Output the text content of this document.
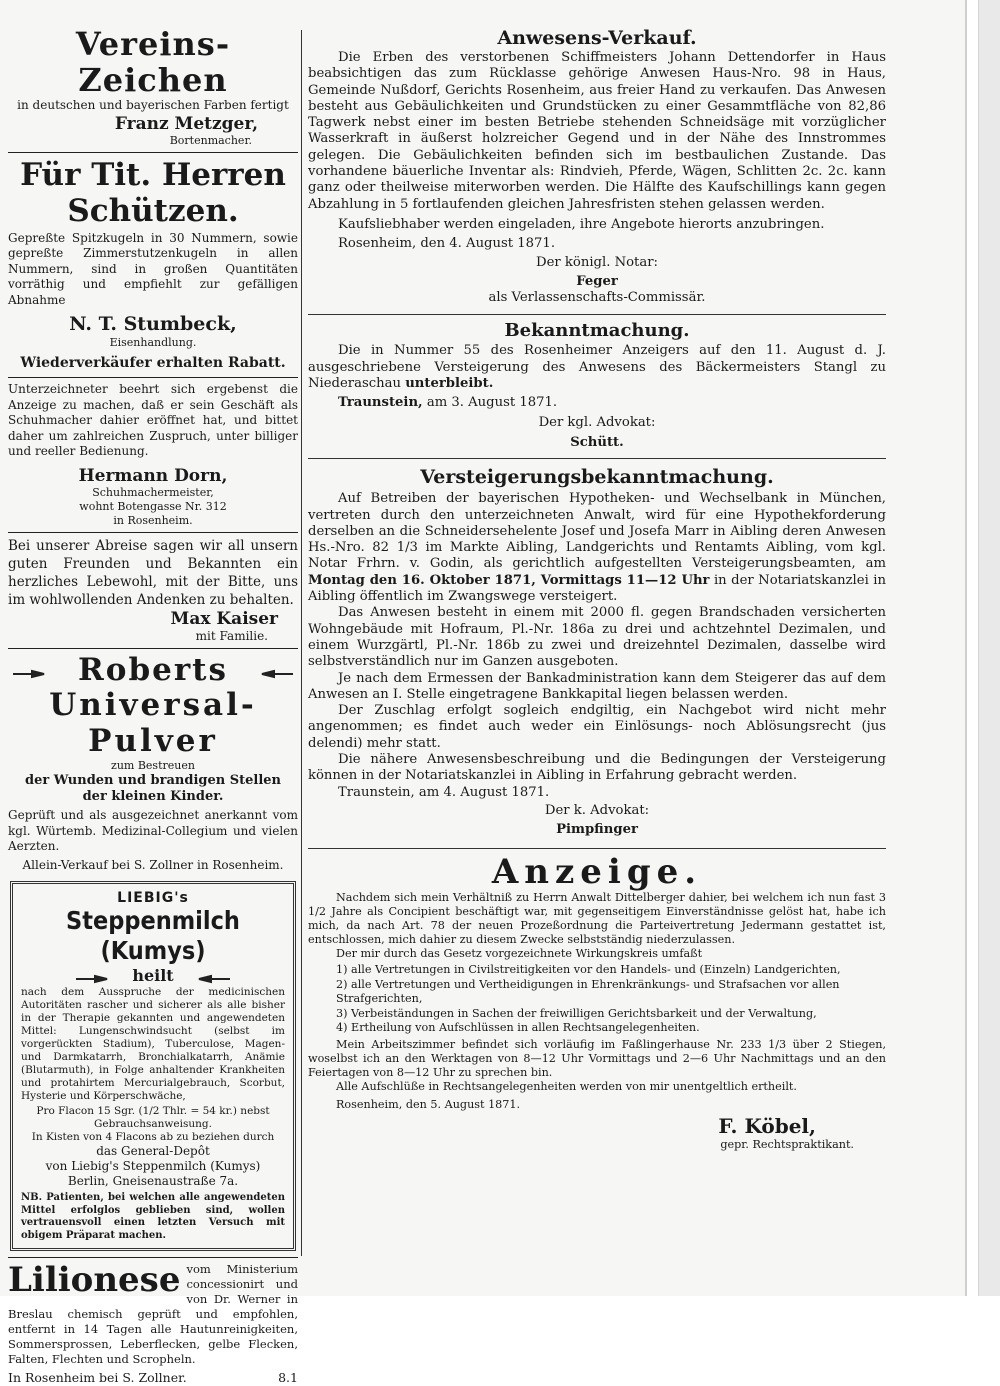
Vereins-Zeichen

in deutschen und bayerischen Farben fertigt

Franz Metzger,

Bortenmacher.

Für Tit. Herren Schützen.

Gepreßte Spitzkugeln in 30 Nummern, sowie gepreßte Zimmerstutzenkugeln in allen Nummern, sind in großen Quantitäten vorräthig und empfiehlt zur gefälligen Abnahme

N. T. Stumbeck,

Eisenhandlung.

Wiederverkäufer erhalten Rabatt.

Unterzeichneter beehrt sich ergebenst die Anzeige zu machen, daß er sein Geschäft als Schuhmacher dahier eröffnet hat, und bittet daher um zahlreichen Zuspruch, unter billiger und reeller Bedienung.

Hermann Dorn,

Schuhmachermeister,

wohnt Botengasse Nr. 312

in Rosenheim.

Bei unserer Abreise sagen wir all unsern guten Freunden und Bekannten ein herzliches Lebewohl, mit der Bitte, uns im wohlwollenden Andenken zu behalten.

Max Kaiser

mit Familie.

Roberts
Universal-Pulver

zum Bestreuen

der Wunden und brandigen Stellen

der kleinen Kinder.

Geprüft und als ausgezeichnet anerkannt vom kgl. Würtemb. Medizinal-Collegium und vielen Aerzten.

Allein-Verkauf bei S. Zollner in Rosenheim.

LIEBIG's
Steppenmilch (Kumys)
heilt

nach dem Ausspruche der medicinischen Autoritäten rascher und sicherer als alle bisher in der Therapie gekannten und angewendeten Mittel: Lungenschwindsucht (selbst im vorgerückten Stadium), Tuberculose, Magen- und Darmkatarrh, Bronchialkatarrh, Anämie (Blutarmuth), in Folge anhaltender Krankheiten und protahirtem Mercurialgebrauch, Scorbut, Hysterie und Körperschwäche,

Pro Flacon 15 Sgr. (1/2 Thlr. = 54 kr.) nebst Gebrauchsanweisung.

In Kisten von 4 Flacons ab zu beziehen durch

das General-Depôt

von Liebig's Steppenmilch (Kumys)

Berlin, Gneisenaustraße 7a.

NB. Patienten, bei welchen alle angewendeten Mittel erfolglos geblieben sind, wollen vertrauensvoll einen letzten Versuch mit obigem Präparat machen.

Lilionese vom Ministerium concessionirt und von Dr. Werner in Breslau chemisch geprüft und empfohlen, entfernt in 14 Tagen alle Hautunreinigkeiten, Sommersprossen, Leberflecken, gelbe Flecken, Falten, Flechten und Scropheln.

In Rosenheim bei S. Zollner.	8.1
Anwesens-Verkauf.

Die Erben des verstorbenen Schiffmeisters Johann Dettendorfer in Haus beabsichtigen das zum Rücklasse gehörige Anwesen Haus-Nro. 98 in Haus, Gemeinde Nußdorf, Gerichts Rosenheim, aus freier Hand zu verkaufen. Das Anwesen besteht aus Gebäulichkeiten und Grundstücken zu einer Gesammtfläche von 82,86 Tagwerk nebst einer im besten Betriebe stehenden Schneidsäge mit vorzüglicher Wasserkraft in äußerst holzreicher Gegend und in der Nähe des Innstrommes gelegen. Die Gebäulichkeiten befinden sich im bestbaulichen Zustande. Das vorhandene bäuerliche Inventar als: Rindvieh, Pferde, Wägen, Schlitten 2c. 2c. kann ganz oder theilweise miterworben werden. Die Hälfte des Kaufschillings kann gegen Abzahlung in 5 fortlaufenden gleichen Jahresfristen stehen gelassen werden.

Kaufsliebhaber werden eingeladen, ihre Angebote hierorts anzubringen.

Rosenheim, den 4. August 1871.

Der königl. Notar:

Feger

als Verlassenschafts-Commissär.

Bekanntmachung.

Die in Nummer 55 des Rosenheimer Anzeigers auf den 11. August d. J. ausgeschriebene Versteigerung des Anwesens des Bäckermeisters Stangl zu Niederaschau unterbleibt.

Traunstein, am 3. August 1871.

Der kgl. Advokat:

Schütt.

Versteigerungsbekanntmachung.

Auf Betreiben der bayerischen Hypotheken- und Wechselbank in München, vertreten durch den unterzeichneten Anwalt, wird für eine Hypothekforderung derselben an die Schneidersehelente Josef und Josefa Marr in Aibling deren Anwesen Hs.-Nro. 82 1/3 im Markte Aibling, Landgerichts und Rentamts Aibling, vom kgl. Notar Frhrn. v. Godin, als gerichtlich aufgestellten Versteigerungsbeamten, am Montag den 16. Oktober 1871, Vormittags 11—12 Uhr in der Notariatskanzlei in Aibling öffentlich im Zwangswege versteigert.

Das Anwesen besteht in einem mit 2000 fl. gegen Brandschaden versicherten Wohngebäude mit Hofraum, Pl.-Nr. 186a zu drei und achtzehntel Dezimalen, und einem Wurzgärtl, Pl.-Nr. 186b zu zwei und dreizehntel Dezimalen, dasselbe wird selbstverständlich nur im Ganzen ausgeboten.

Je nach dem Ermessen der Bankadministration kann dem Steigerer das auf dem Anwesen an I. Stelle eingetragene Bankkapital liegen belassen werden.

Der Zuschlag erfolgt sogleich endgiltig, ein Nachgebot wird nicht mehr angenommen; es findet auch weder ein Einlösungs- noch Ablösungsrecht (jus delendi) mehr statt.

Die nähere Anwesensbeschreibung und die Bedingungen der Versteigerung können in der Notariatskanzlei in Aibling in Erfahrung gebracht werden.

Traunstein, am 4. August 1871.

Der k. Advokat:

Pimpfinger

Anzeige.

Nachdem sich mein Verhältniß zu Herrn Anwalt Dittelberger dahier, bei welchem ich nun fast 3 1/2 Jahre als Concipient beschäftigt war, mit gegenseitigem Einverständnisse gelöst hat, habe ich mich, da nach Art. 78 der neuen Prozeßordnung die Parteivertretung Jedermann gestattet ist, entschlossen, mich dahier zu diesem Zwecke selbstständig niederzulassen.

Der mir durch das Gesetz vorgezeichnete Wirkungskreis umfaßt

1) alle Vertretungen in Civilstreitigkeiten vor den Handels- und (Einzeln) Landgerichten,

2) alle Vertretungen und Vertheidigungen in Ehrenkränkungs- und Strafsachen vor allen Strafgerichten,

3) Verbeiständungen in Sachen der freiwilligen Gerichtsbarkeit und der Verwaltung,

4) Ertheilung von Aufschlüssen in allen Rechtsangelegenheiten.

Mein Arbeitszimmer befindet sich vorläufig im Faßlingerhause Nr. 233 1/3 über 2 Stiegen, woselbst ich an den Werktagen von 8—12 Uhr Vormittags und 2—6 Uhr Nachmittags und an den Feiertagen von 8—12 Uhr zu sprechen bin.

Alle Aufschlüße in Rechtsangelegenheiten werden von mir unentgeltlich ertheilt.

Rosenheim, den 5. August 1871.

F. Köbel,

gepr. Rechtspraktikant.
